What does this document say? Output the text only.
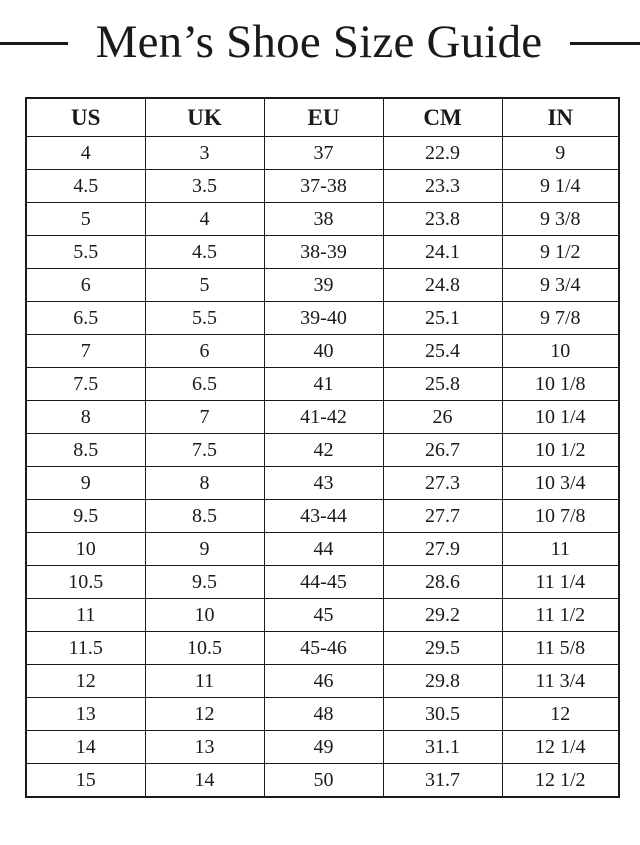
Men’s Shoe Size Guide
US	UK	EU	CM	IN
4	3	37	22.9	9
4.5	3.5	37-38	23.3	9 1/4
5	4	38	23.8	9 3/8
5.5	4.5	38-39	24.1	9 1/2
6	5	39	24.8	9 3/4
6.5	5.5	39-40	25.1	9 7/8
7	6	40	25.4	10
7.5	6.5	41	25.8	10 1/8
8	7	41-42	26	10 1/4
8.5	7.5	42	26.7	10 1/2
9	8	43	27.3	10 3/4
9.5	8.5	43-44	27.7	10 7/8
10	9	44	27.9	11
10.5	9.5	44-45	28.6	11 1/4
11	10	45	29.2	11 1/2
11.5	10.5	45-46	29.5	11 5/8
12	11	46	29.8	11 3/4
13	12	48	30.5	12
14	13	49	31.1	12 1/4
15	14	50	31.7	12 1/2
